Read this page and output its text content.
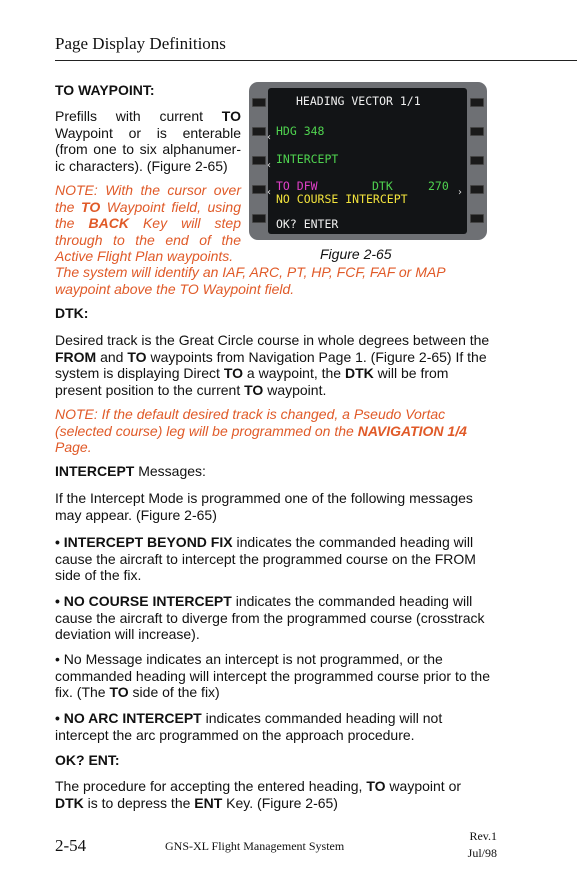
Page Display Definitions
TO WAYPOINT:
Prefills with current TO
Waypoint or is enterable
(from one to six alphanumer-
ic characters). (Figure 2-65)
NOTE: With the cursor over the TO Waypoint field, using the BACK Key will step through to the end of the Active Flight Plan waypoints.
The system will identify an IAF, ARC, PT, HP, FCF, FAF or MAP waypoint above the TO Waypoint field.
HEADING VECTOR 1/1
‹ HDG 348
‹ INTERCEPT
‹ TO DFW	DTK	270 ›
NO COURSE INTERCEPT
OK? ENTER
Figure 2-65
DTK:
Desired track is the Great Circle course in whole degrees between the FROM and TO waypoints from Navigation Page 1. (Figure 2-65) If the system is displaying Direct TO a waypoint, the DTK will be from present position to the current TO waypoint.
NOTE: If the default desired track is changed, a Pseudo Vortac (selected course) leg will be programmed on the NAVIGATION 1/4 Page.
INTERCEPT Messages:
If the Intercept Mode is programmed one of the following messages may appear. (Figure 2-65)
• INTERCEPT BEYOND FIX indicates the commanded heading will cause the aircraft to intercept the programmed course on the FROM side of the fix.
• NO COURSE INTERCEPT indicates the commanded heading will cause the aircraft to diverge from the programmed course (crosstrack deviation will increase).
• No Message indicates an intercept is not programmed, or the commanded heading will intercept the programmed course prior to the fix. (The TO side of the fix)
• NO ARC INTERCEPT indicates commanded heading will not intercept the arc programmed on the approach procedure.
OK? ENT:
The procedure for accepting the entered heading, TO waypoint or DTK is to depress the ENT Key. (Figure 2-65)
2-54	GNS-XL Flight Management System
Rev.1
Jul/98
